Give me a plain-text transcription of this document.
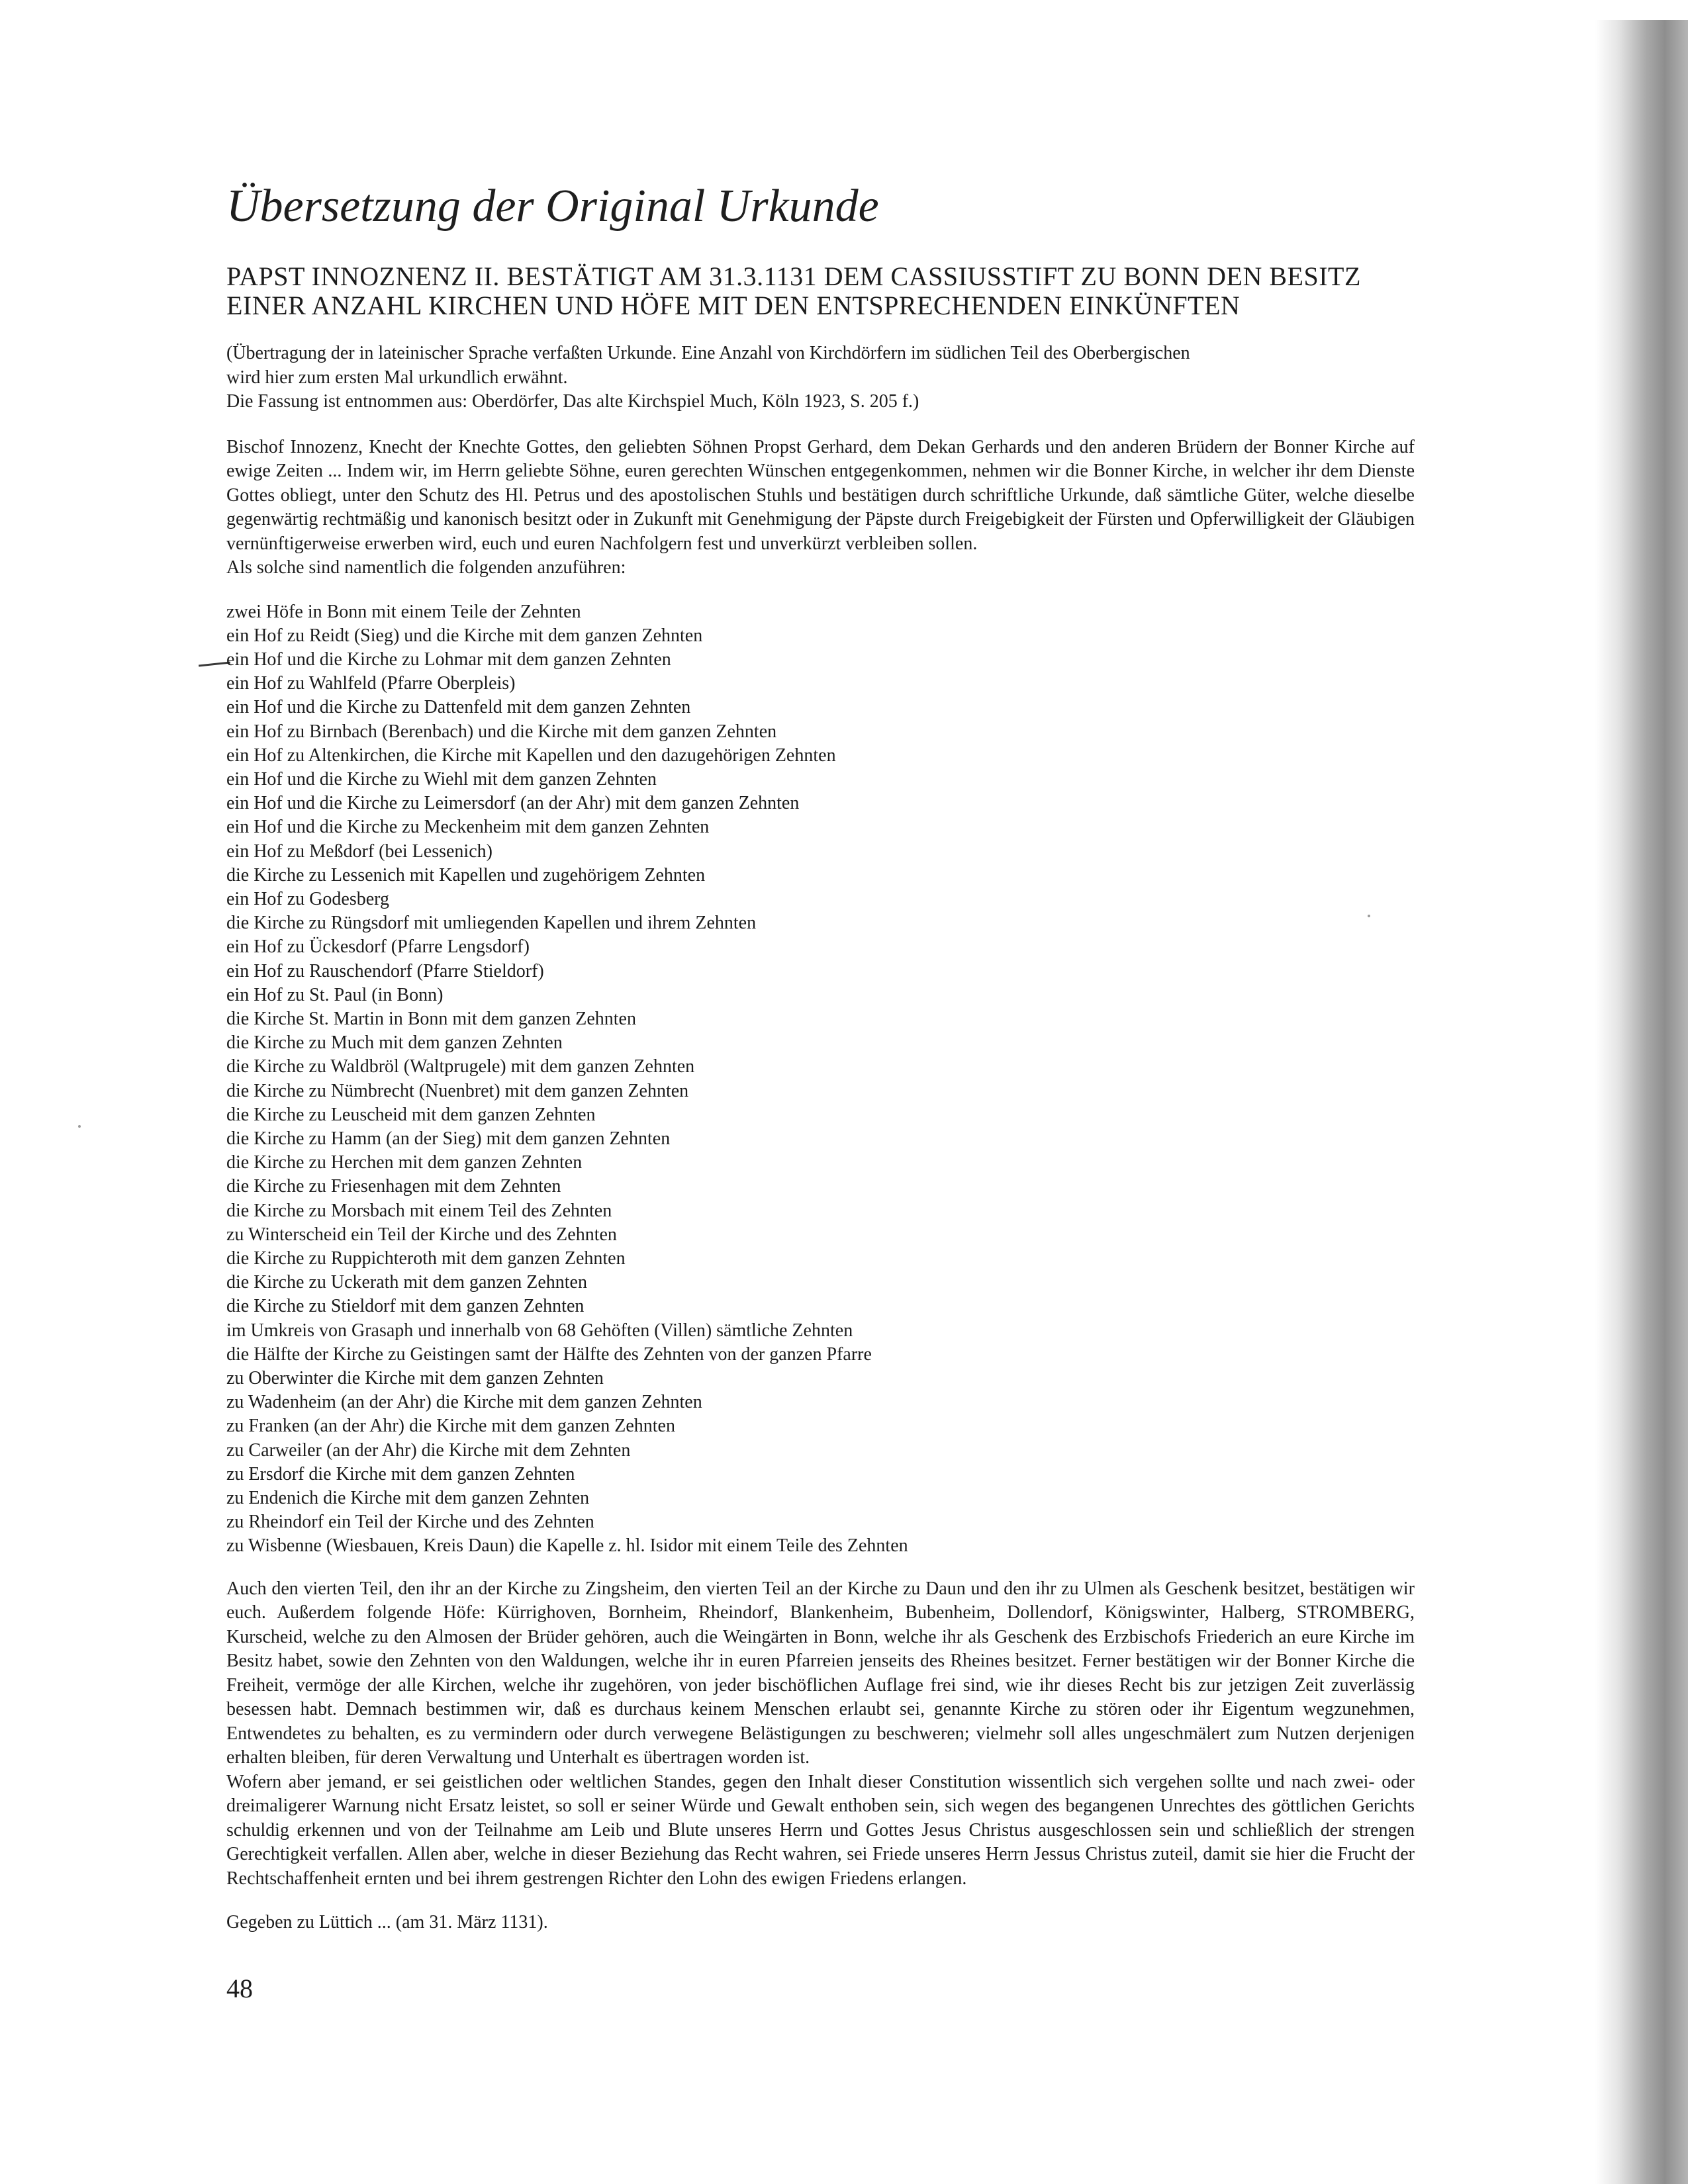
Übersetzung der Original Urkunde
PAPST INNOZNENZ II. BESTÄTIGT AM 31.3.1131 DEM CASSIUSSTIFT ZU BONN DEN BESITZ
EINER ANZAHL KIRCHEN UND HÖFE MIT DEN ENTSPRECHENDEN EINKÜNFTEN
(Übertragung der in lateinischer Sprache verfaßten Urkunde. Eine Anzahl von Kirchdörfern im südlichen Teil des Oberbergischen
wird hier zum ersten Mal urkundlich erwähnt.
Die Fassung ist entnommen aus: Oberdörfer, Das alte Kirchspiel Much, Köln 1923, S. 205 f.)

Bischof Innozenz, Knecht der Knechte Gottes, den geliebten Söhnen Propst Gerhard, dem Dekan Gerhards und den anderen Brüdern der Bonner Kirche auf ewige Zeiten ... Indem wir, im Herrn geliebte Söhne, euren gerechten Wünschen entgegenkommen, nehmen wir die Bonner Kirche, in welcher ihr dem Dienste Gottes obliegt, unter den Schutz des Hl. Petrus und des apostolischen Stuhls und bestätigen durch schriftliche Urkunde, daß sämtliche Güter, welche dieselbe gegenwärtig rechtmäßig und kanonisch besitzt oder in Zukunft mit Genehmigung der Päpste durch Freigebigkeit der Fürsten und Opferwilligkeit der Gläubigen vernünftigerweise erwerben wird, euch und euren Nachfolgern fest und unverkürzt verbleiben sollen.

Als solche sind namentlich die folgenden anzuführen:

zwei Höfe in Bonn mit einem Teile der Zehnten
ein Hof zu Reidt (Sieg) und die Kirche mit dem ganzen Zehnten
ein Hof und die Kirche zu Lohmar mit dem ganzen Zehnten
ein Hof zu Wahlfeld (Pfarre Oberpleis)
ein Hof und die Kirche zu Dattenfeld mit dem ganzen Zehnten
ein Hof zu Birnbach (Berenbach) und die Kirche mit dem ganzen Zehnten
ein Hof zu Altenkirchen, die Kirche mit Kapellen und den dazugehörigen Zehnten
ein Hof und die Kirche zu Wiehl mit dem ganzen Zehnten
ein Hof und die Kirche zu Leimersdorf (an der Ahr) mit dem ganzen Zehnten
ein Hof und die Kirche zu Meckenheim mit dem ganzen Zehnten
ein Hof zu Meßdorf (bei Lessenich)
die Kirche zu Lessenich mit Kapellen und zugehörigem Zehnten
ein Hof zu Godesberg
die Kirche zu Rüngsdorf mit umliegenden Kapellen und ihrem Zehnten
ein Hof zu Ückesdorf (Pfarre Lengsdorf)
ein Hof zu Rauschendorf (Pfarre Stieldorf)
ein Hof zu St. Paul (in Bonn)
die Kirche St. Martin in Bonn mit dem ganzen Zehnten
die Kirche zu Much mit dem ganzen Zehnten
die Kirche zu Waldbröl (Waltprugele) mit dem ganzen Zehnten
die Kirche zu Nümbrecht (Nuenbret) mit dem ganzen Zehnten
die Kirche zu Leuscheid mit dem ganzen Zehnten
die Kirche zu Hamm (an der Sieg) mit dem ganzen Zehnten
die Kirche zu Herchen mit dem ganzen Zehnten
die Kirche zu Friesenhagen mit dem Zehnten
die Kirche zu Morsbach mit einem Teil des Zehnten
zu Winterscheid ein Teil der Kirche und des Zehnten
die Kirche zu Ruppichteroth mit dem ganzen Zehnten
die Kirche zu Uckerath mit dem ganzen Zehnten
die Kirche zu Stieldorf mit dem ganzen Zehnten
im Umkreis von Grasaph und innerhalb von 68 Gehöften (Villen) sämtliche Zehnten
die Hälfte der Kirche zu Geistingen samt der Hälfte des Zehnten von der ganzen Pfarre
zu Oberwinter die Kirche mit dem ganzen Zehnten
zu Wadenheim (an der Ahr) die Kirche mit dem ganzen Zehnten
zu Franken (an der Ahr) die Kirche mit dem ganzen Zehnten
zu Carweiler (an der Ahr) die Kirche mit dem Zehnten
zu Ersdorf die Kirche mit dem ganzen Zehnten
zu Endenich die Kirche mit dem ganzen Zehnten
zu Rheindorf ein Teil der Kirche und des Zehnten
zu Wisbenne (Wiesbauen, Kreis Daun) die Kapelle z. hl. Isidor mit einem Teile des Zehnten

Auch den vierten Teil, den ihr an der Kirche zu Zingsheim, den vierten Teil an der Kirche zu Daun und den ihr zu Ulmen als Geschenk besitzet, bestätigen wir euch. Außerdem folgende Höfe: Kürrighoven, Bornheim, Rheindorf, Blankenheim, Bubenheim, Dollendorf, Königswinter, Halberg, STROMBERG, Kurscheid, welche zu den Almosen der Brüder gehören, auch die Weingärten in Bonn, welche ihr als Geschenk des Erzbischofs Friederich an eure Kirche im Besitz habet, sowie den Zehnten von den Waldungen, welche ihr in euren Pfarreien jenseits des Rheines besitzet. Ferner bestätigen wir der Bonner Kirche die Freiheit, vermöge der alle Kirchen, welche ihr zugehören, von jeder bischöflichen Auflage frei sind, wie ihr dieses Recht bis zur jetzigen Zeit zuverlässig besessen habt. Demnach bestimmen wir, daß es durchaus keinem Menschen erlaubt sei, genannte Kirche zu stören oder ihr Eigentum wegzunehmen, Entwendetes zu behalten, es zu vermindern oder durch verwegene Belästigungen zu beschweren; vielmehr soll alles ungeschmälert zum Nutzen derjenigen erhalten bleiben, für deren Verwaltung und Unterhalt es übertragen worden ist.

Wofern aber jemand, er sei geistlichen oder weltlichen Standes, gegen den Inhalt dieser Constitution wissentlich sich vergehen sollte und nach zwei- oder dreimaligerer Warnung nicht Ersatz leistet, so soll er seiner Würde und Gewalt enthoben sein, sich wegen des begangenen Unrechtes des göttlichen Gerichts schuldig erkennen und von der Teilnahme am Leib und Blute unseres Herrn und Gottes Jesus Christus ausgeschlossen sein und schließlich der strengen Gerechtigkeit verfallen. Allen aber, welche in dieser Beziehung das Recht wahren, sei Friede unseres Herrn Jessus Christus zuteil, damit sie hier die Frucht der Rechtschaffenheit ernten und bei ihrem gestrengen Richter den Lohn des ewigen Friedens erlangen.

Gegeben zu Lüttich ... (am 31. März 1131).

48
